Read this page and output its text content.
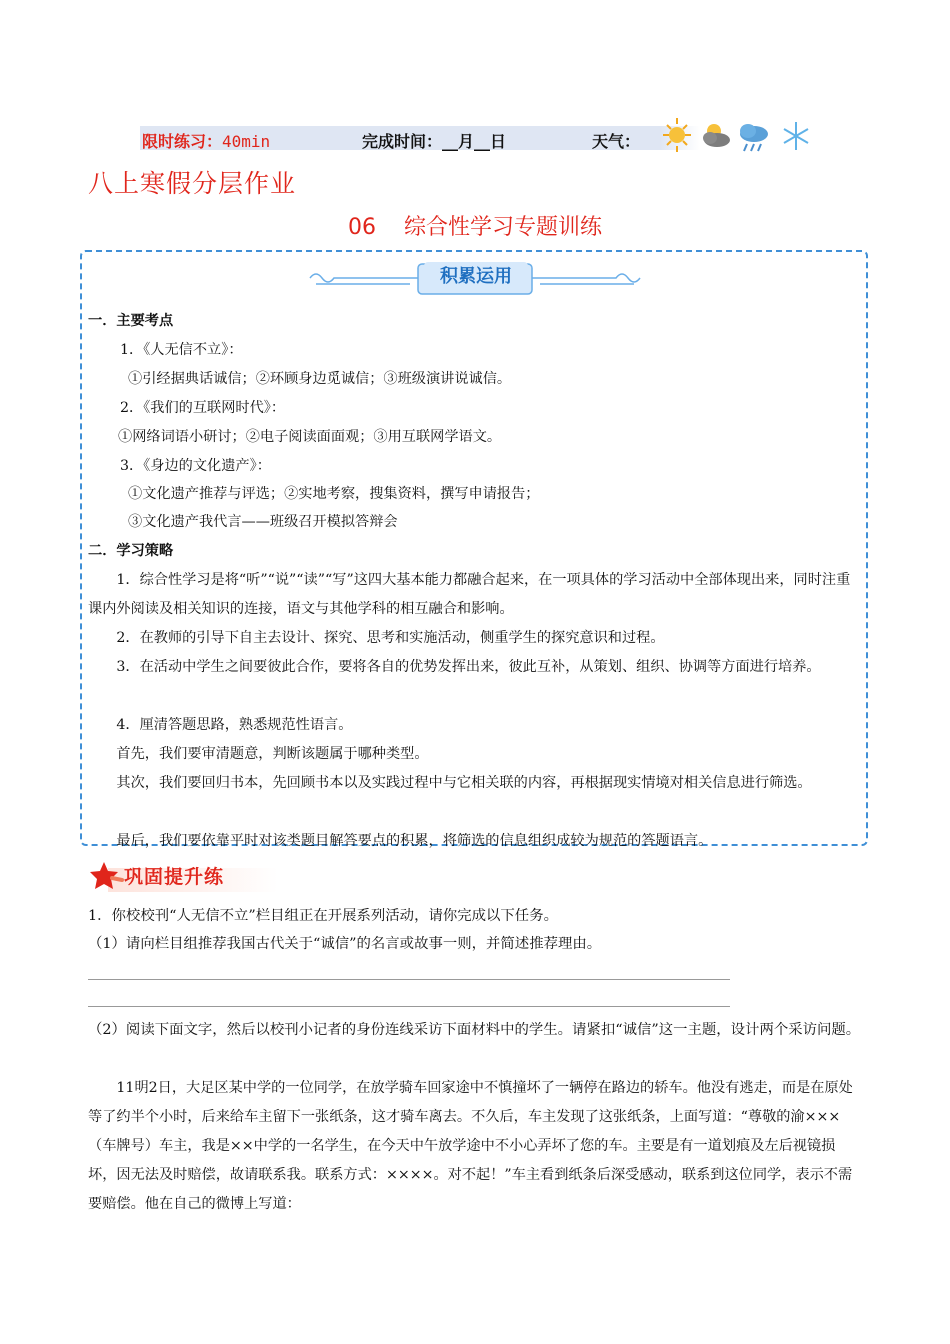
限时练习：40min	完成时间：__月__日	天气：
八上寒假分层作业
06 综合性学习专题训练
积累运用
一．主要考点
1．《人无信不立》：
①引经据典话诚信；②环顾身边觅诚信；③班级演讲说诚信。
2．《我们的互联网时代》：
①网络词语小研讨；②电子阅读面面观；③用互联网学语文。
3．《身边的文化遗产》：
①文化遗产推荐与评选；②实地考察，搜集资料，撰写申请报告；
③文化遗产我代言——班级召开模拟答辩会
二．学习策略
1．综合性学习是将“听”“说”“读”“写”这四大基本能力都融合起来，在一项具体的学习活动中全部体现出来，同时注重课内外阅读及相关知识的连接，语文与其他学科的相互融合和影响。
2．在教师的引导下自主去设计、探究、思考和实施活动，侧重学生的探究意识和过程。
3．在活动中学生之间要彼此合作，要将各自的优势发挥出来，彼此互补，从策划、组织、协调等方面进行培养。
4．厘清答题思路，熟悉规范性语言。
首先，我们要审清题意，判断该题属于哪种类型。
其次，我们要回归书本，先回顾书本以及实践过程中与它相关联的内容，再根据现实情境对相关信息进行筛选。
最后，我们要依靠平时对该类题目解答要点的积累，将筛选的信息组织成较为规范的答题语言。
巩固提升练
1．你校校刊“人无信不立”栏目组正在开展系列活动，请你完成以下任务。
（1）请向栏目组推荐我国古代关于“诚信”的名言或故事一则，并简述推荐理由。
（2）阅读下面文字，然后以校刊小记者的身份连线采访下面材料中的学生。请紧扣“诚信”这一主题，设计两个采访问题。
11明2日，大足区某中学的一位同学，在放学骑车回家途中不慎撞坏了一辆停在路边的轿车。他没有逃走，而是在原处等了约半个小时，后来给车主留下一张纸条，这才骑车离去。不久后，车主发现了这张纸条，上面写道：“尊敬的渝×××（车牌号）车主，我是××中学的一名学生，在今天中午放学途中不小心弄坏了您的车。主要是有一道划痕及左后视镜损坏，因无法及时赔偿，故请联系我。联系方式：××××。对不起！”车主看到纸条后深受感动，联系到这位同学，表示不需要赔偿。他在自己的微博上写道：
